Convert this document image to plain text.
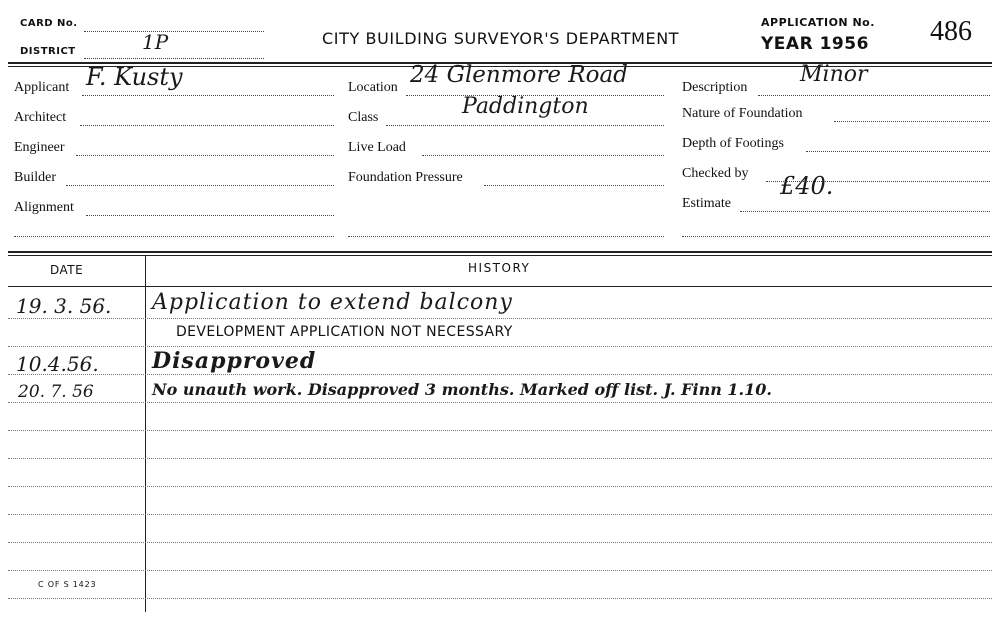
CARD No.
DISTRICT	1P	CITY BUILDING SURVEYOR'S DEPARTMENT
APPLICATION No.
YEAR 1956 486
Applicant F. Kusty
Architect
Engineer
Builder
Alignment
Location 24 Glenmore Road
Class	Paddington
Live Load
Foundation Pressure
Description
Minor
Nature of Foundation
Depth of Footings
Checked by
Estimate
£40.
DATE	HISTORY
19. 3. 56. Application to extend balcony
DEVELOPMENT APPLICATION NOT NECESSARY
10.4.56. Disapproved
20. 7. 56	No unauth work. Disapproved 3 months. Marked off list. J. Finn 1.10.
C OF S 1423
